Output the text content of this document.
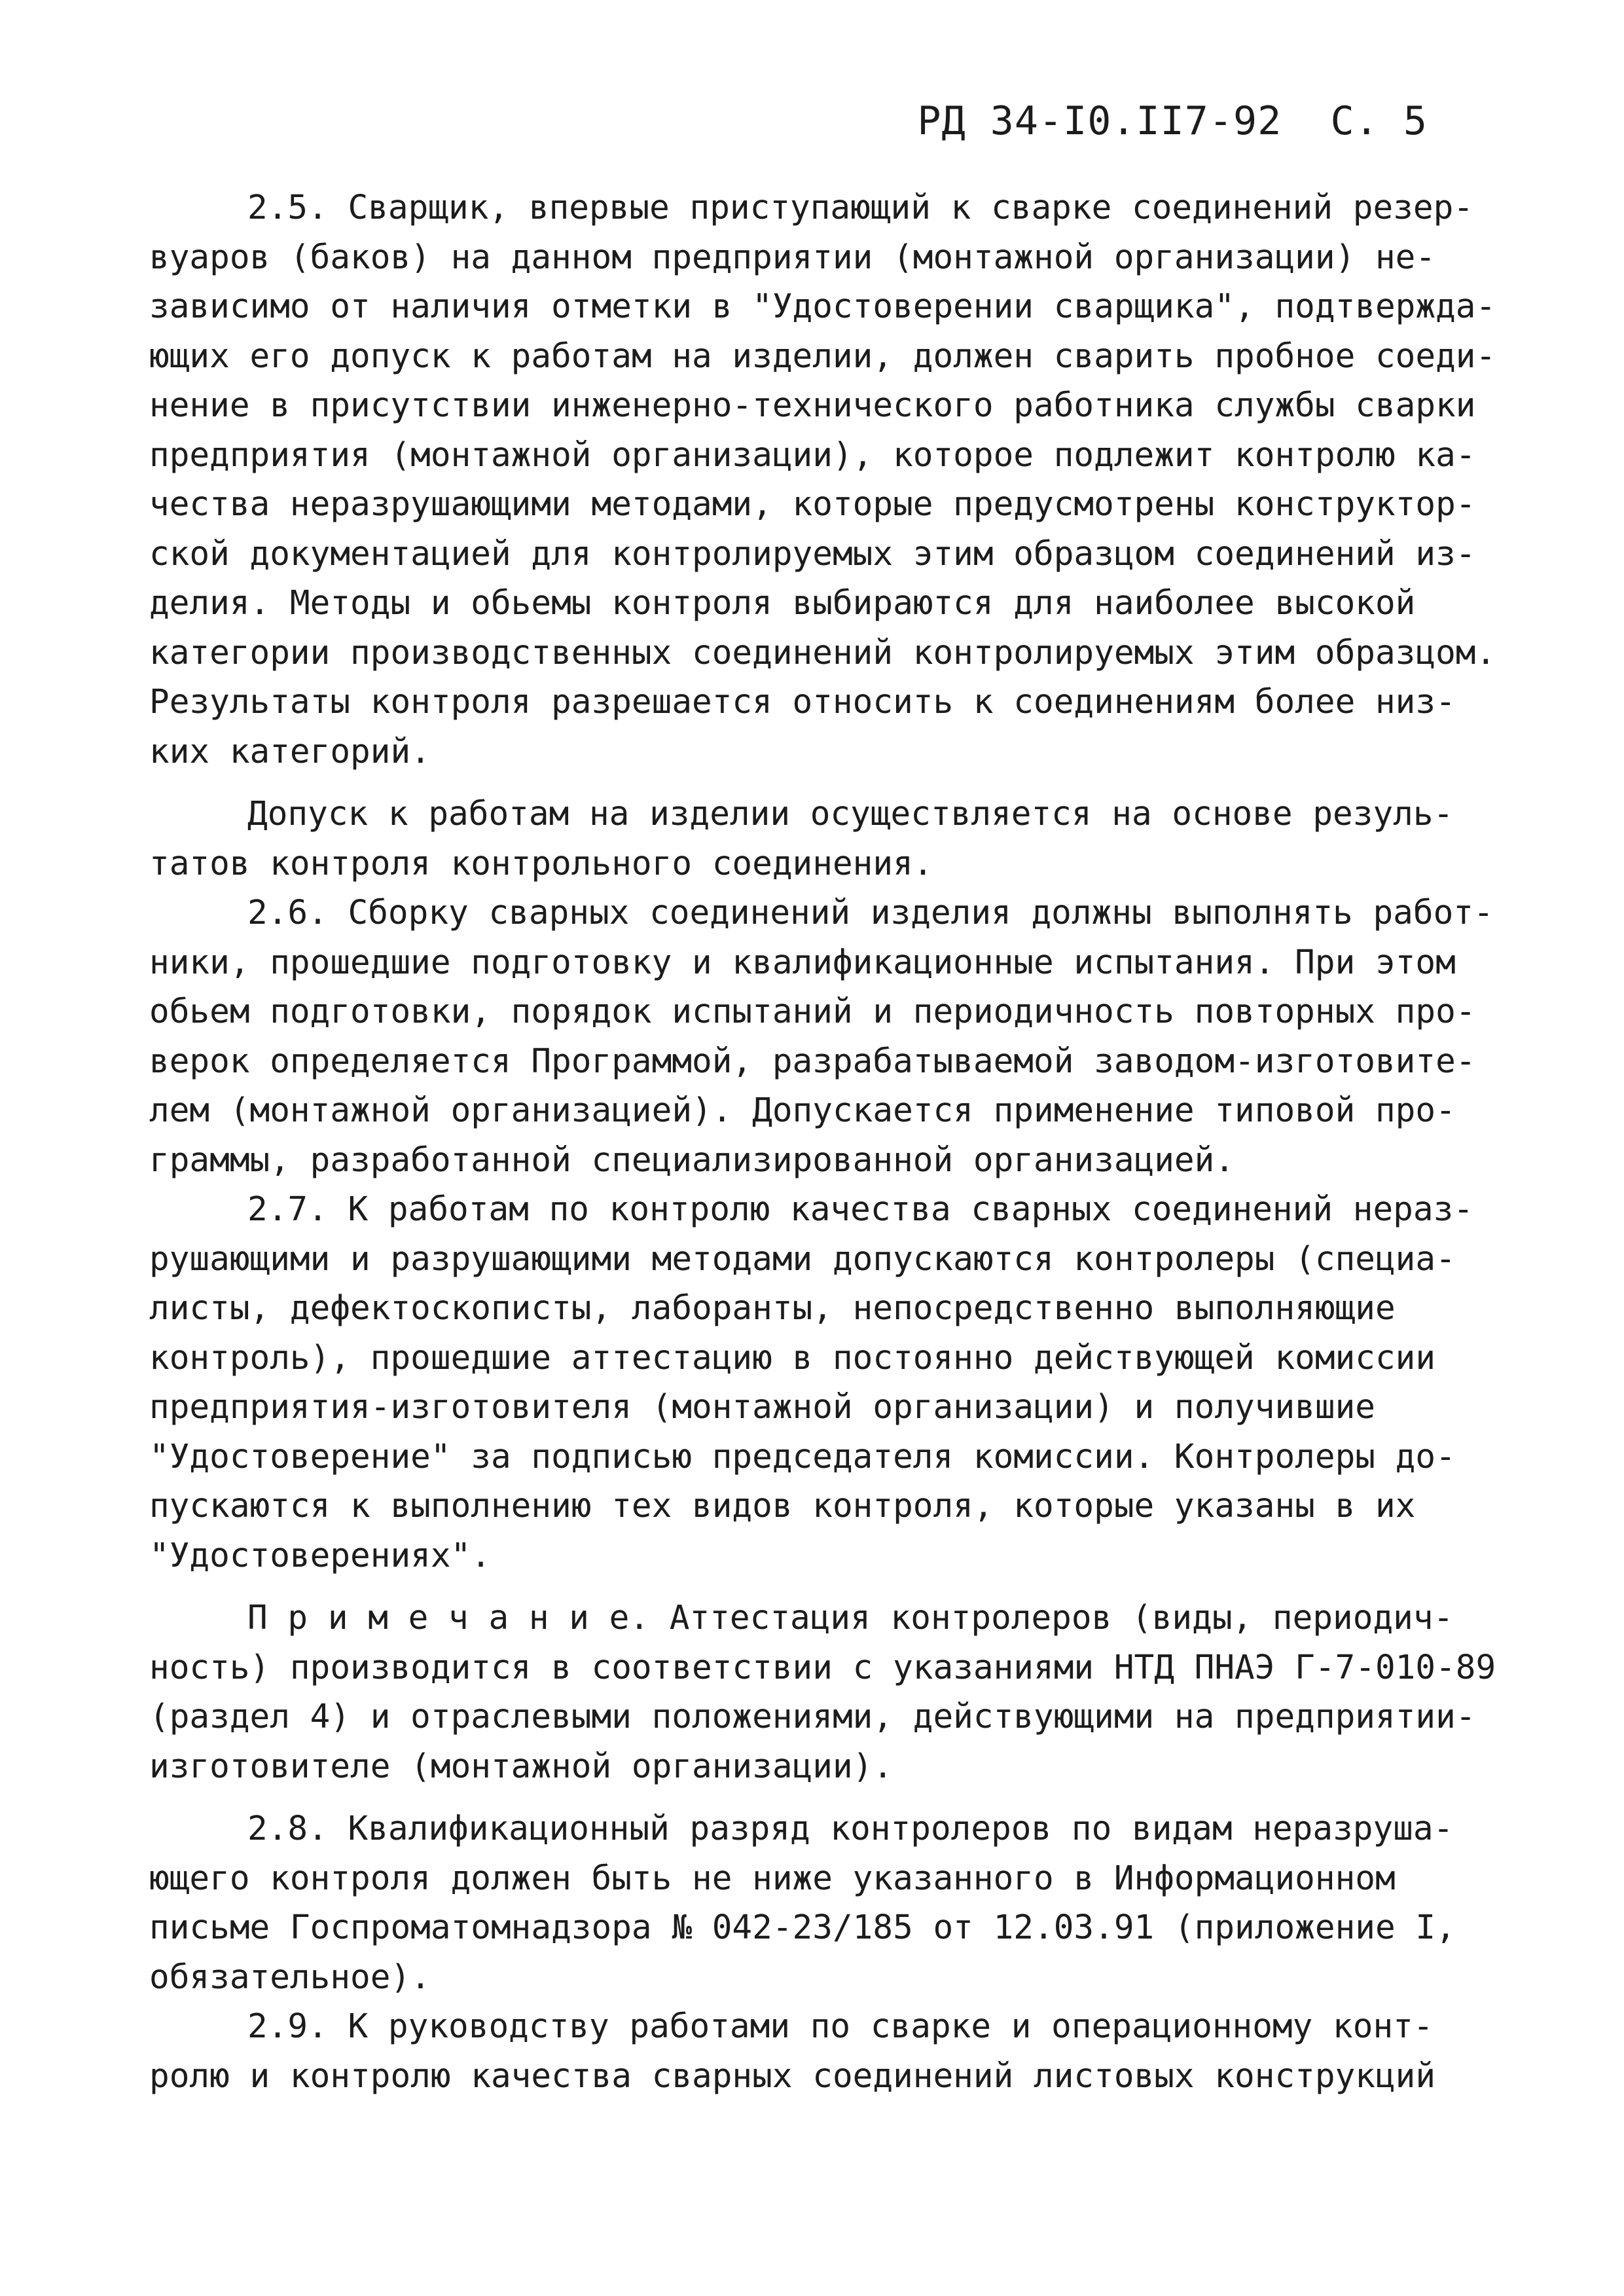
РД 34-I0.II7-92  С. 5
2.5. Сварщик, впервые приступающий к сварке соединений резер-
вуаров (баков) на данном предприятии (монтажной организации) не-
зависимо от наличия отметки в "Удостоверении сварщика", подтвержда-
ющих его допуск к работам на изделии, должен сварить пробное соеди-
нение в присутствии инженерно-технического работника службы сварки
предприятия (монтажной организации), которое подлежит контролю ка-
чества неразрушающими методами, которые предусмотрены конструктор-
ской документацией для контролируемых этим образцом соединений из-
делия. Методы и обьемы контроля выбираются для наиболее высокой
категории производственных соединений контролируемых этим образцом.
Результаты контроля разрешается относить к соединениям более низ-
ких категорий.
Допуск к работам на изделии осуществляется на основе резуль-
татов контроля контрольного соединения.
2.6. Сборку сварных соединений изделия должны выполнять работ-
ники, прошедшие подготовку и квалификационные испытания. При этом
обьем подготовки, порядок испытаний и периодичность повторных про-
верок определяется Программой, разрабатываемой заводом-изготовите-
лем (монтажной организацией). Допускается применение типовой про-
граммы, разработанной специализированной организацией.
2.7. К работам по контролю качества сварных соединений нераз-
рушающими и разрушающими методами допускаются контролеры (специа-
листы, дефектоскописты, лаборанты, непосредственно выполняющие
контроль), прошедшие аттестацию в постоянно действующей комиссии
предприятия-изготовителя (монтажной организации) и получившие
"Удостоверение" за подписью председателя комиссии. Контролеры до-
пускаются к выполнению тех видов контроля, которые указаны в их
"Удостоверениях".
П р и м е ч а н и е. Аттестация контролеров (виды, периодич-
ность) производится в соответствии с указаниями НТД ПНАЭ Г-7-010-89
(раздел 4) и отраслевыми положениями, действующими на предприятии-
изготовителе (монтажной организации).
2.8. Квалификационный разряд контролеров по видам неразруша-
ющего контроля должен быть не ниже указанного в Информационном
письме Госпроматомнадзора № 042-23/185 от 12.03.91 (приложение I,
обязательное).
2.9. К руководству работами по сварке и операционному конт-
ролю и контролю качества сварных соединений листовых конструкций
